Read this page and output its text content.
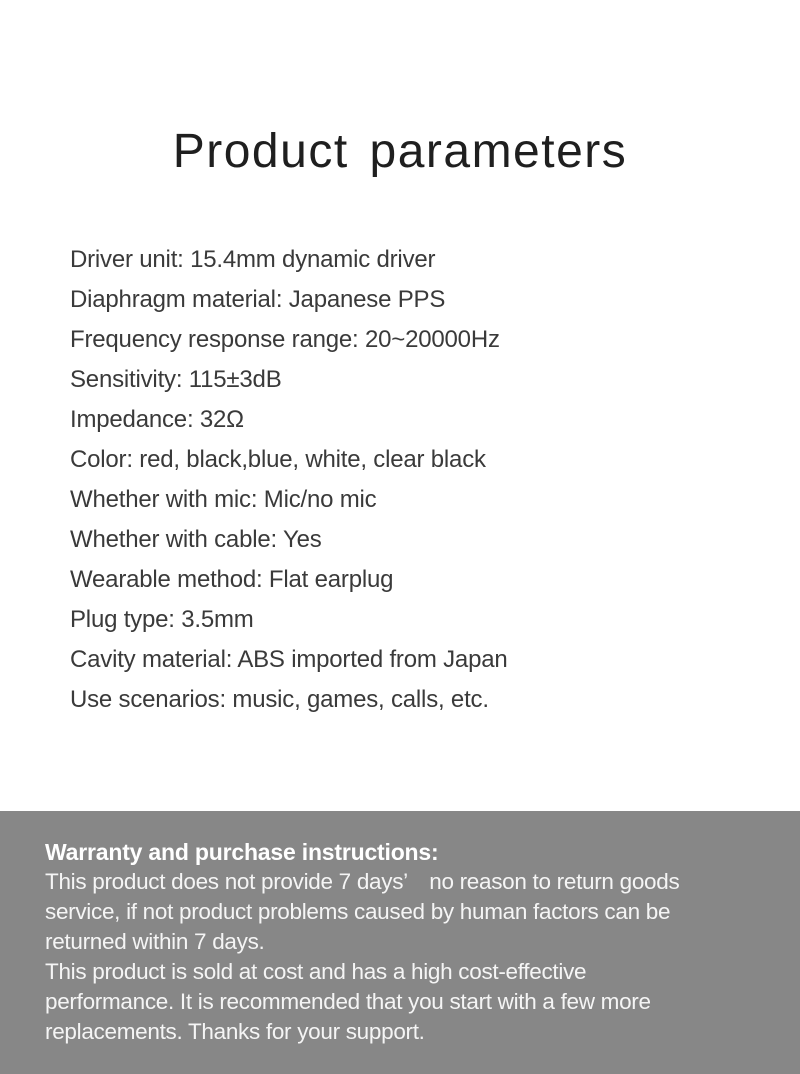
Product parameters
Driver unit: 15.4mm dynamic driver
Diaphragm material: Japanese PPS
Frequency response range: 20~20000Hz
Sensitivity: 115±3dB
Impedance: 32Ω
Color: red, black,blue, white, clear black
Whether with mic: Mic/no mic
Whether with cable: Yes
Wearable method: Flat earplug
Plug type: 3.5mm
Cavity material: ABS imported from Japan
Use scenarios: music, games, calls, etc.
Warranty and purchase instructions:
This product does not provide 7 days’　no reason to return goods
service, if not product problems caused by human factors can be
returned within 7 days.
This product is sold at cost and has a high cost-effective
performance. It is recommended that you start with a few more
replacements. Thanks for your support.
